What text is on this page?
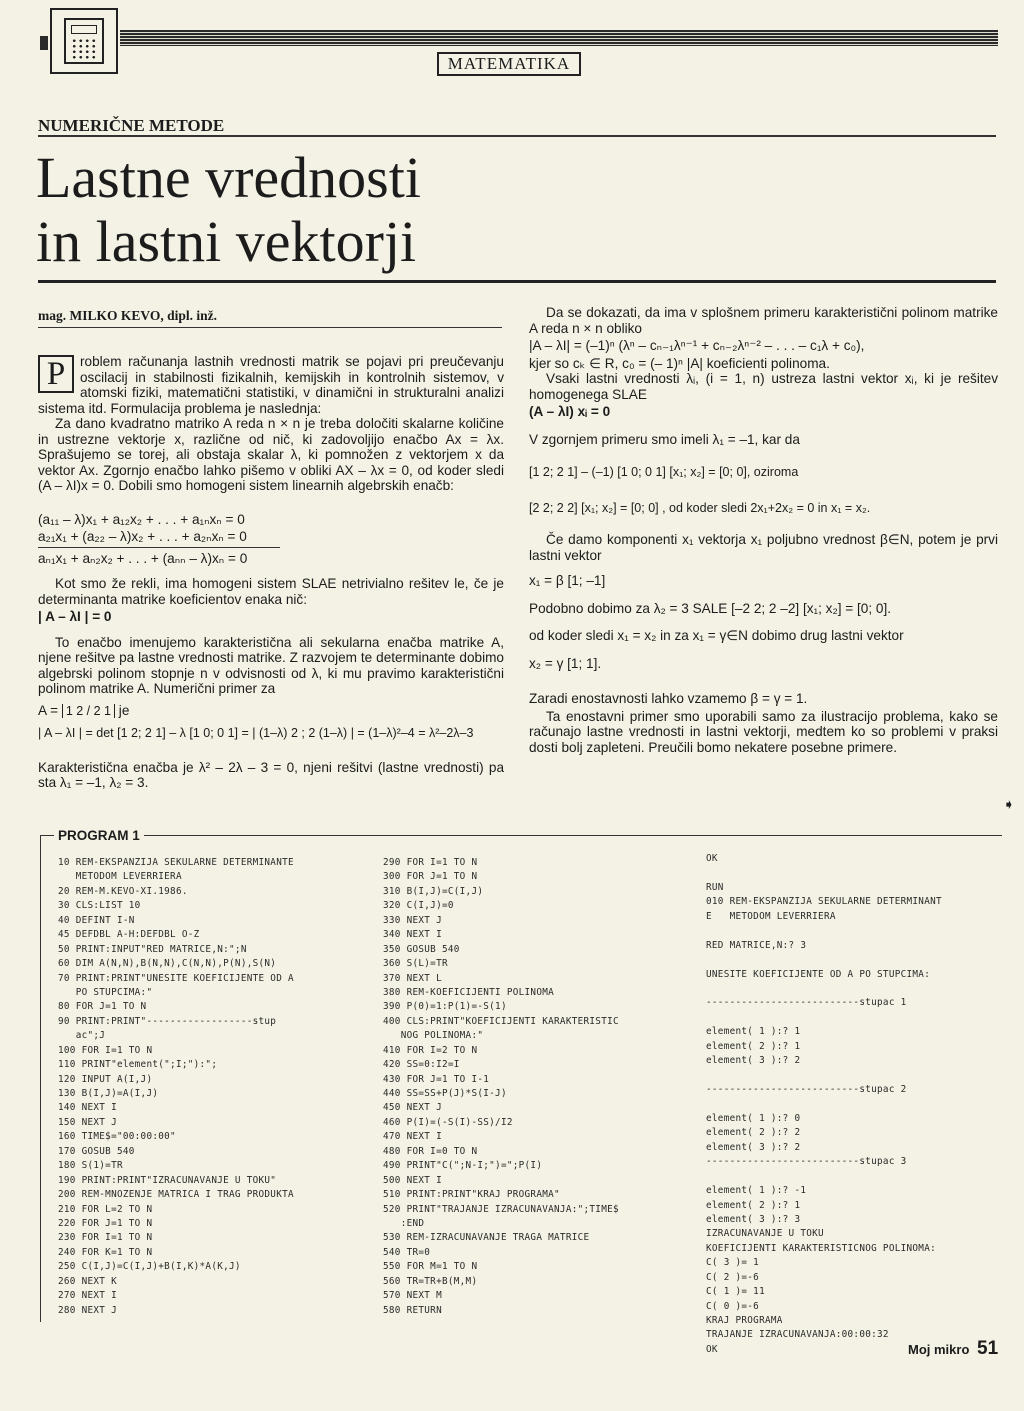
MATEMATIKA
NUMERIČNE METODE
Lastne vrednosti
in lastni vektorji
mag. MILKO KEVO, dipl. inž.

P	roblem računanja lastnih vrednosti matrik se pojavi pri preučevanju oscilacij in stabilnosti fizikalnih, kemijskih in kontrolnih sistemov, v atomski fiziki, matematični statistiki, v dinamični in strukturalni analizi sistema itd. Formulacija problema je naslednja:

Za dano kvadratno matriko A reda n × n je treba določiti skalarne količine in ustrezne vektorje x, različne od nič, ki zadovoljijo enačbo Ax = λx. Sprašujemo se torej, ali obstaja skalar λ, ki pomnožen z vektorjem x da vektor Ax. Zgornjo enačbo lahko pišemo v obliki AX – λx = 0, od koder sledi (A – λI)x = 0. Dobili smo homogeni sistem linearnih algebrskih enačb:

(a₁₁ – λ)x₁ + a₁₂x₂ + . . . + a₁ₙxₙ = 0
a₂₁x₁ + (a₂₂ – λ)x₂ + . . . + a₂ₙxₙ = 0
aₙ₁x₁ + aₙ₂x₂ + . . . + (aₙₙ – λ)xₙ = 0

Kot smo že rekli, ima homogeni sistem SLAE netrivialno rešitev le, če je determinanta matrike koeficientov enaka nič:

| A – λI | = 0

To enačbo imenujemo karakteristična ali sekularna enačba matrike A, njene rešitve pa lastne vrednosti matrike. Z razvojem te determinante dobimo algebrski polinom stopnje n v odvisnosti od λ, ki mu pravimo karakteristični polinom matrike A. Numerični primer za

A = 1 2 / 2 1 je
| A – λI | = det [1 2; 2 1] – λ [1 0; 0 1] = | (1–λ) 2 ; 2 (1–λ) | = (1–λ)²–4 = λ²–2λ–3

Karakteristična enačba je λ² – 2λ – 3 = 0, njeni rešitvi (lastne vrednosti) pa sta λ₁ = –1, λ₂ = 3.

Da se dokazati, da ima v splošnem primeru karakteristični polinom matrike A reda n × n obliko

|A – λI| = (–1)ⁿ (λⁿ – cₙ₋₁λⁿ⁻¹ + cₙ₋₂λⁿ⁻² – . . . – c₁λ + c₀),

kjer so cₖ ∈ R, c₀ = (– 1)ⁿ |A| koeficienti polinoma.

Vsaki lastni vrednosti λᵢ, (i = 1, n) ustreza lastni vektor xᵢ, ki je rešitev homogenega SLAE

(A – λI) xᵢ = 0
V zgornjem primeru smo imeli λ₁ = –1, kar da
[1 2; 2 1] – (–1) [1 0; 0 1] [x₁; x₂] = [0; 0], oziroma
[2 2; 2 2] [x₁; x₂] = [0; 0] , od koder sledi 2x₁+2x₂ = 0 in x₁ = x₂.

Če damo komponenti x₁ vektorja x₁ poljubno vrednost β∈N, potem je prvi lastni vektor

x₁ = β [1; –1]
Podobno dobimo za λ₂ = 3 SALE [–2 2; 2 –2] [x₁; x₂] = [0; 0].
od koder sledi x₁ = x₂ in za x₁ = γ∈N dobimo drug lastni vektor
x₂ = γ [1; 1].
Zaradi enostavnosti lahko vzamemo β = γ = 1.

Ta enostavni primer smo uporabili samo za ilustracijo problema, kako se računajo lastne vrednosti in lastni vektorji, medtem ko so problemi v praksi dosti bolj zapleteni. Preučili bomo nekatere posebne primere.

➧
PROGRAM 1
10 REM-EKSPANZIJA SEKULARNE DETERMINANTE
METODOM LEVERRIERA
20 REM-M.KEVO-XI.1986.
30 CLS:LIST 10
40 DEFINT I-N
45 DEFDBL A-H:DEFDBL O-Z
50 PRINT:INPUT"RED MATRICE,N:";N
60 DIM A(N,N),B(N,N),C(N,N),P(N),S(N)
70 PRINT:PRINT"UNESITE KOEFICIJENTE OD A
PO STUPCIMA:"
80 FOR J=1 TO N
90 PRINT:PRINT"------------------stup
ac";J
100 FOR I=1 TO N
110 PRINT"element(";I;"):";
120 INPUT A(I,J)
130 B(I,J)=A(I,J)
140 NEXT I
150 NEXT J
160 TIME$="00:00:00"
170 GOSUB 540
180 S(1)=TR
190 PRINT:PRINT"IZRACUNAVANJE U TOKU"
200 REM-MNOZENJE MATRICA I TRAG PRODUKTA
210 FOR L=2 TO N
220 FOR J=1 TO N
230 FOR I=1 TO N
240 FOR K=1 TO N
250 C(I,J)=C(I,J)+B(I,K)*A(K,J)
260 NEXT K
270 NEXT I
280 NEXT J
290 FOR I=1 TO N
300 FOR J=1 TO N
310 B(I,J)=C(I,J)
320 C(I,J)=0
330 NEXT J
340 NEXT I
350 GOSUB 540
360 S(L)=TR
370 NEXT L
380 REM-KOEFICIJENTI POLINOMA
390 P(0)=1:P(1)=-S(1)
400 CLS:PRINT"KOEFICIJENTI KARAKTERISTIC
NOG POLINOMA:"
410 FOR I=2 TO N
420 SS=0:I2=I
430 FOR J=1 TO I-1
440 SS=SS+P(J)*S(I-J)
450 NEXT J
460 P(I)=(-S(I)-SS)/I2
470 NEXT I
480 FOR I=0 TO N
490 PRINT"C(";N-I;")=";P(I)
500 NEXT I
510 PRINT:PRINT"KRAJ PROGRAMA"
520 PRINT"TRAJANJE IZRACUNAVANJA:";TIME$
:END
530 REM-IZRACUNAVANJE TRAGA MATRICE
540 TR=0
550 FOR M=1 TO N
560 TR=TR+B(M,M)
570 NEXT M
580 RETURN
OK

RUN
010 REM-EKSPANZIJA SEKULARNE DETERMINANT
E   METODOM LEVERRIERA

RED MATRICE,N:? 3

UNESITE KOEFICIJENTE OD A PO STUPCIMA:

--------------------------stupac 1

element( 1 ):? 1
element( 2 ):? 1
element( 3 ):? 2

--------------------------stupac 2

element( 1 ):? 0
element( 2 ):? 2
element( 3 ):? 2
--------------------------stupac 3

element( 1 ):? -1
element( 2 ):? 1
element( 3 ):? 3
IZRACUNAVANJE U TOKU
KOEFICIJENTI KARAKTERISTICNOG POLINOMA:
C( 3 )= 1
C( 2 )=-6
C( 1 )= 11
C( 0 )=-6
KRAJ PROGRAMA
TRAJANJE IZRACUNAVANJA:00:00:32
OK	Moj mikro 51
